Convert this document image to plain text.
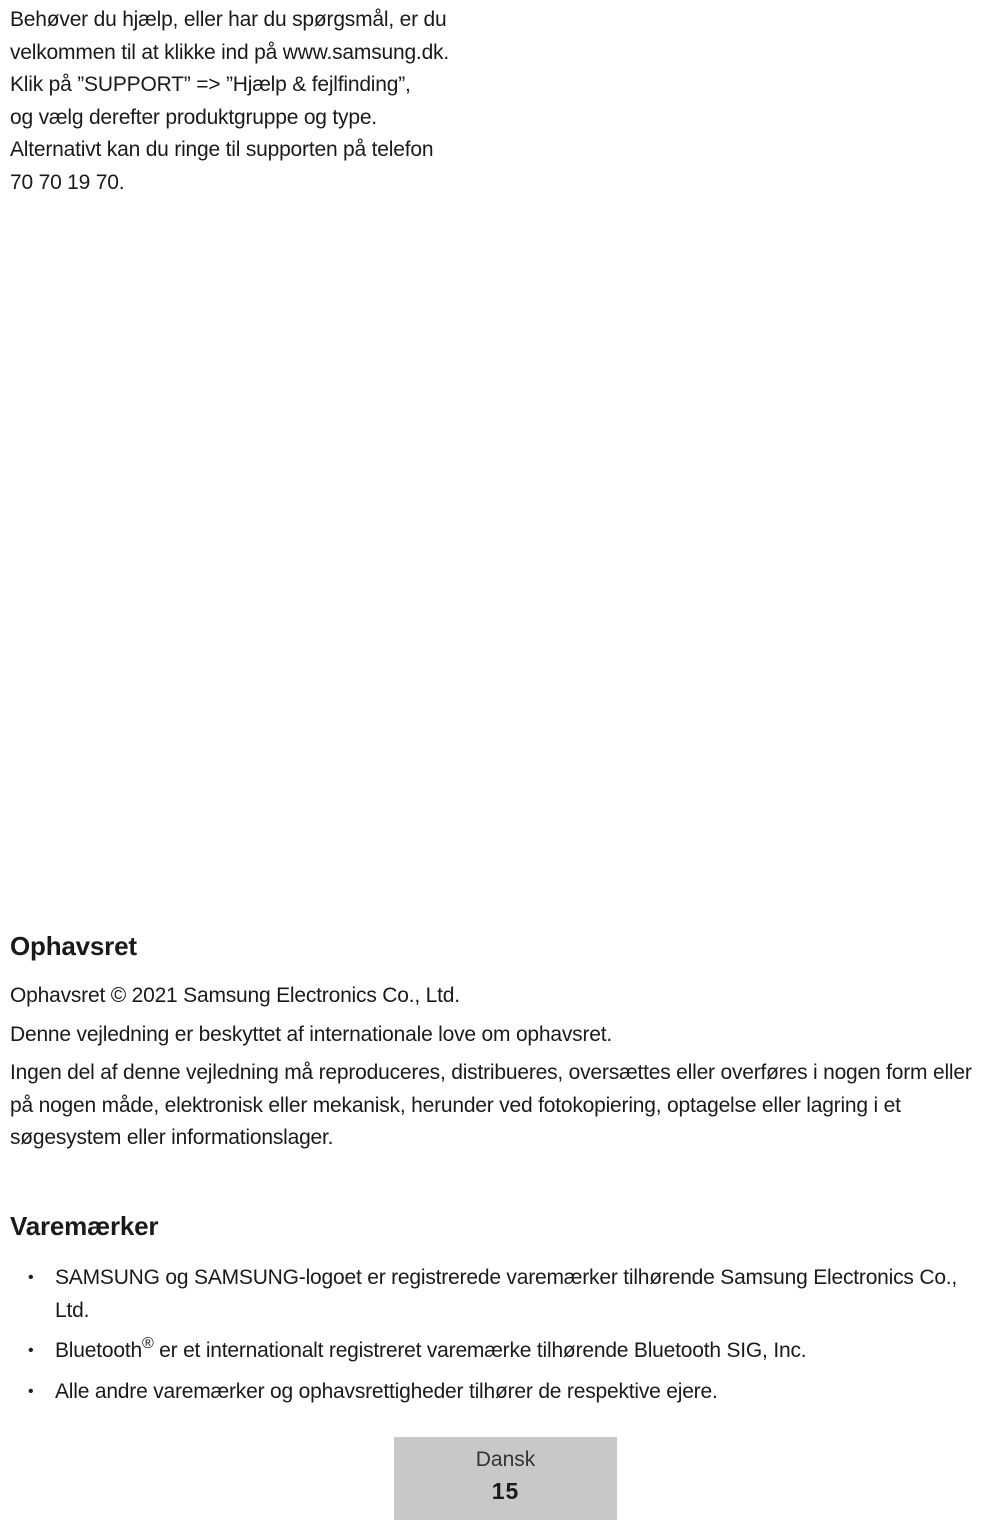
Behøver du hjælp, eller har du spørgsmål, er du
velkommen til at klikke ind på www.samsung.dk.
Klik på ”SUPPORT” => ”Hjælp & fejlfinding”,
og vælg derefter produktgruppe og type.
Alternativt kan du ringe til supporten på telefon
70 70 19 70.
Ophavsret

Ophavsret © 2021 Samsung Electronics Co., Ltd.

Denne vejledning er beskyttet af internationale love om ophavsret.

Ingen del af denne vejledning må reproduceres, distribueres, oversættes eller overføres i nogen form eller på nogen måde, elektronisk eller mekanisk, herunder ved fotokopiering, optagelse eller lagring i et søgesystem eller informationslager.

Varemærker
• SAMSUNG og SAMSUNG-logoet er registrerede varemærker tilhørende Samsung Electronics Co., Ltd.
• Bluetooth® er et internationalt registreret varemærke tilhørende Bluetooth SIG, Inc.
• Alle andre varemærker og ophavsrettigheder tilhører de respektive ejere.
Dansk
15
